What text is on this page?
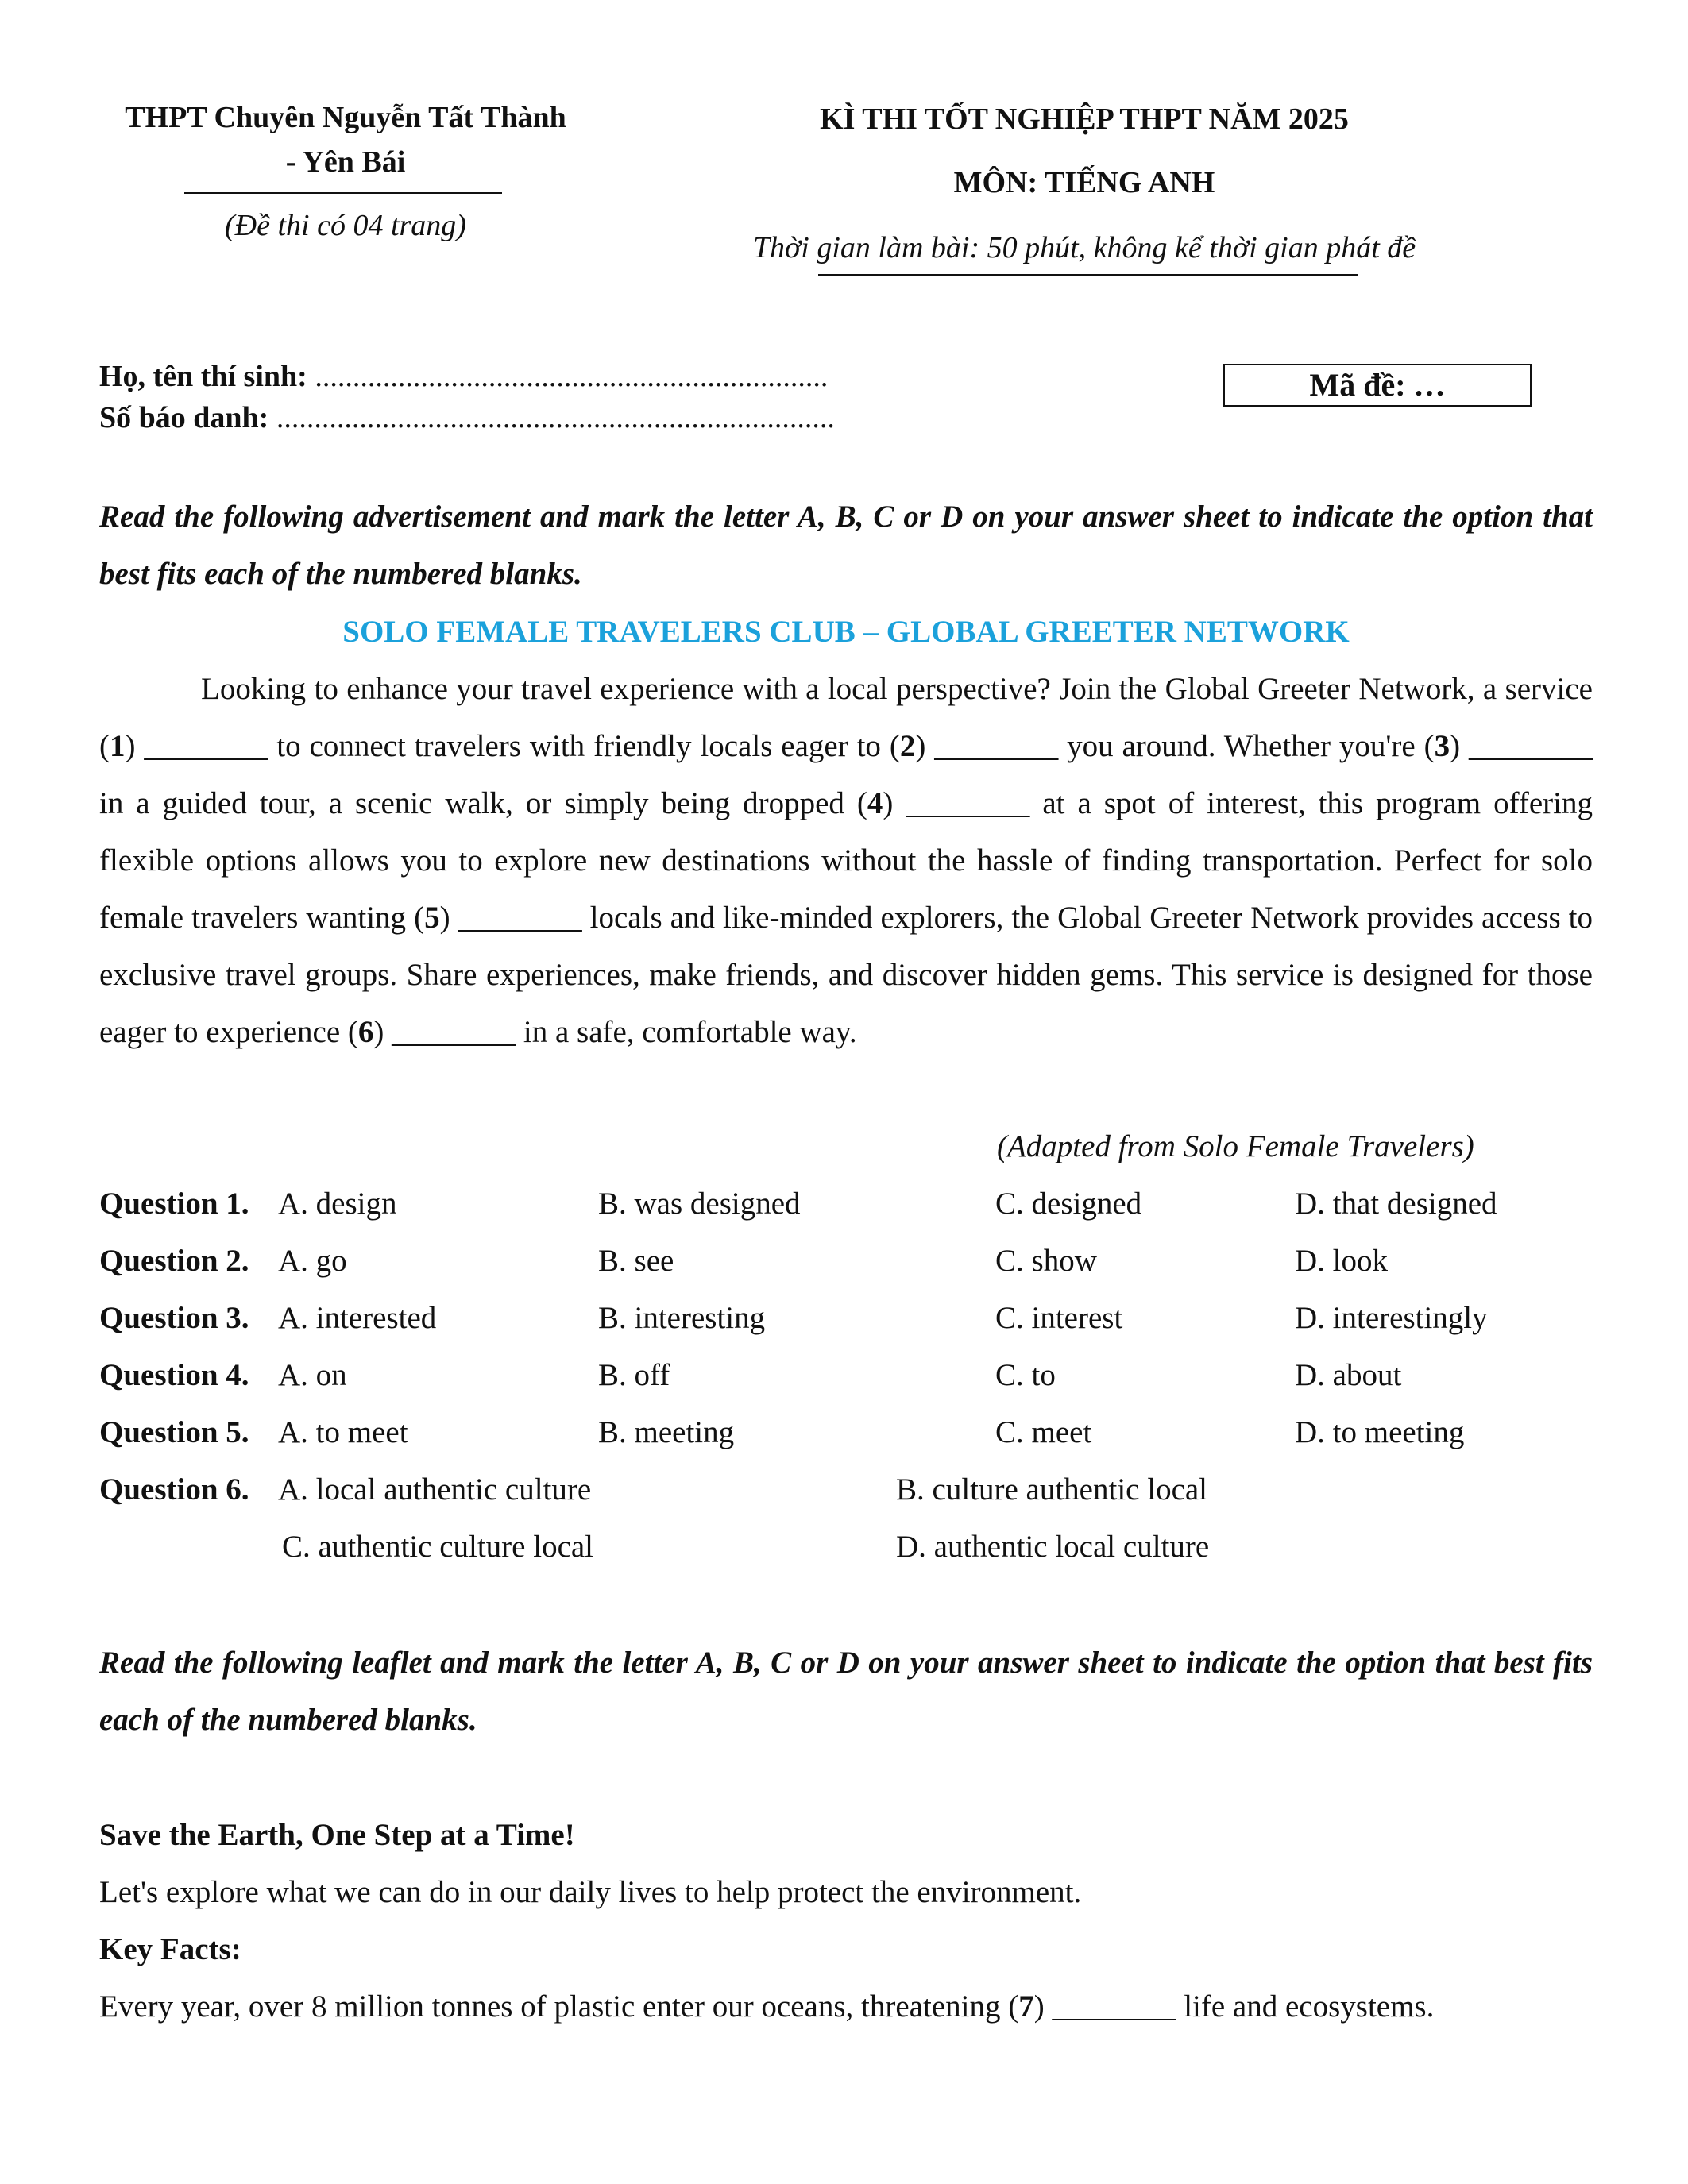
THPT Chuyên Nguyễn Tất Thành - Yên Bái
(Đề thi có 04 trang)
KÌ THI TỐT NGHIỆP THPT NĂM 2025
MÔN: TIẾNG ANH
Thời gian làm bài: 50 phút, không kể thời gian phát đề
Họ, tên thí sinh: ....................................................................
Số báo danh: ..........................................................................
Mã đề: …
Read the following advertisement and mark the letter A, B, C or D on your answer sheet to indicate the option that best fits each of the numbered blanks.
SOLO FEMALE TRAVELERS CLUB – GLOBAL GREETER NETWORK

Looking to enhance your travel experience with a local perspective? Join the Global Greeter Network, a service (1) ________ to connect travelers with friendly locals eager to (2) ________ you around. Whether you're (3) ________ in a guided tour, a scenic walk, or simply being dropped (4) ________ at a spot of interest, this program offering flexible options allows you to explore new destinations without the hassle of finding transportation. Perfect for solo female travelers wanting (5) ________ locals and like-minded explorers, the Global Greeter Network provides access to exclusive travel groups. Share experiences, make friends, and discover hidden gems. This service is designed for those eager to experience (6) ________ in a safe, comfortable way.

(Adapted from Solo Female Travelers)
Question 1. A. design	B. was designed	C. designed	D. that designed
Question 2. A. go	B. see	C. show	D. look
Question 3. A. interested	B. interesting	C. interest	D. interestingly
Question 4. A. on	B. off	C. to	D. about
Question 5. A. to meet	B. meeting	C. meet	D. to meeting
Question 6. A. local authentic culture	B. culture authentic local
C. authentic culture local	D. authentic local culture
Read the following leaflet and mark the letter A, B, C or D on your answer sheet to indicate the option that best fits each of the numbered blanks.
Save the Earth, One Step at a Time!
Let's explore what we can do in our daily lives to help protect the environment.
Key Facts:
Every year, over 8 million tonnes of plastic enter our oceans, threatening (7) ________ life and ecosystems.
